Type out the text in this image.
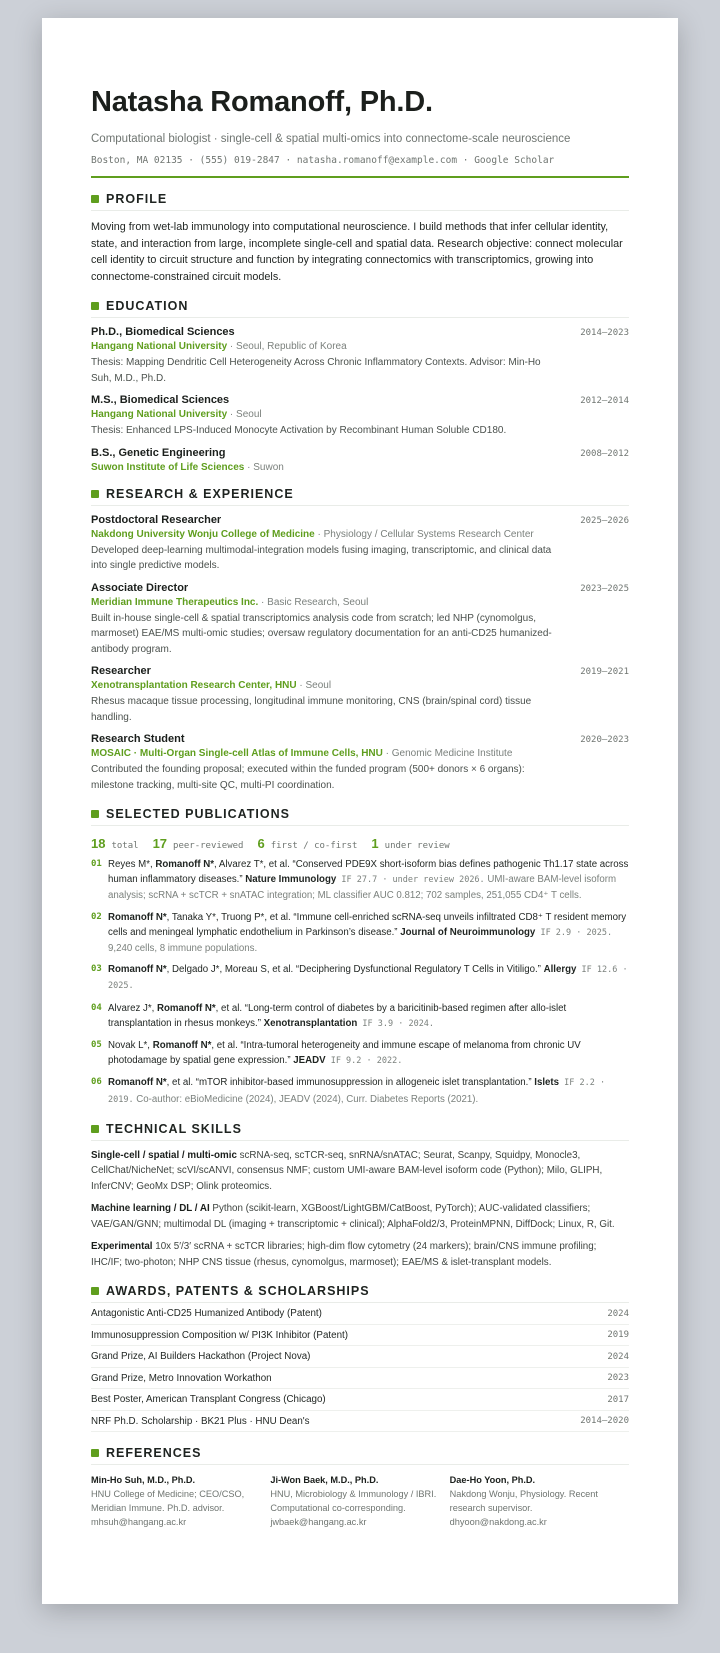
Natasha Romanoff, Ph.D.
Computational biologist · single-cell & spatial multi-omics into connectome-scale neuroscience
Boston, MA 02135 · (555) 019-2847 · natasha.romanoff@example.com · Google Scholar
PROFILE
Moving from wet-lab immunology into computational neuroscience. I build methods that infer cellular identity, state, and interaction from large, incomplete single-cell and spatial data. Research objective: connect molecular cell identity to circuit structure and function by integrating connectomics with transcriptomics, growing into connectome-constrained circuit models.
EDUCATION
Ph.D., Biomedical Sciences	2014–2023
Hangang National University · Seoul, Republic of Korea
Thesis: Mapping Dendritic Cell Heterogeneity Across Chronic Inflammatory Contexts. Advisor: Min-Ho Suh, M.D., Ph.D.
M.S., Biomedical Sciences	2012–2014
Hangang National University · Seoul
Thesis: Enhanced LPS-Induced Monocyte Activation by Recombinant Human Soluble CD180.
B.S., Genetic Engineering	2008–2012
Suwon Institute of Life Sciences · Suwon
RESEARCH & EXPERIENCE
Postdoctoral Researcher	2025–2026
Nakdong University Wonju College of Medicine · Physiology / Cellular Systems Research Center
Developed deep-learning multimodal-integration models fusing imaging, transcriptomic, and clinical data into single predictive models.
Associate Director	2023–2025
Meridian Immune Therapeutics Inc. · Basic Research, Seoul
Built in-house single-cell & spatial transcriptomics analysis code from scratch; led NHP (cynomolgus, marmoset) EAE/MS multi-omic studies; oversaw regulatory documentation for an anti-CD25 humanized-antibody program.
Researcher	2019–2021
Xenotransplantation Research Center, HNU · Seoul
Rhesus macaque tissue processing, longitudinal immune monitoring, CNS (brain/spinal cord) tissue handling.
Research Student	2020–2023
MOSAIC · Multi-Organ Single-cell Atlas of Immune Cells, HNU · Genomic Medicine Institute
Contributed the founding proposal; executed within the funded program (500+ donors × 6 organs): milestone tracking, multi-site QC, multi-PI coordination.
SELECTED PUBLICATIONS
18 total 17 peer-reviewed 6 first / co-first 1 under review
01 Reyes M*, Romanoff N*, Alvarez T*, et al. “Conserved PDE9X short-isoform bias defines pathogenic Th1.17 state across human inflammatory diseases.” Nature Immunology IF 27.7 · under review 2026. UMI-aware BAM-level isoform analysis; scRNA + scTCR + snATAC integration; ML classifier AUC 0.812; 702 samples, 251,055 CD4⁺ T cells.
02 Romanoff N*, Tanaka Y*, Truong P*, et al. “Immune cell-enriched scRNA-seq unveils infiltrated CD8⁺ T resident memory cells and meningeal lymphatic endothelium in Parkinson’s disease.” Journal of Neuroimmunology IF 2.9 · 2025. 9,240 cells, 8 immune populations.
03 Romanoff N*, Delgado J*, Moreau S, et al. “Deciphering Dysfunctional Regulatory T Cells in Vitiligo.” Allergy IF 12.6 · 2025.
04 Alvarez J*, Romanoff N*, et al. “Long-term control of diabetes by a baricitinib-based regimen after allo-islet transplantation in rhesus monkeys.” Xenotransplantation IF 3.9 · 2024.
05 Novak L*, Romanoff N*, et al. “Intra-tumoral heterogeneity and immune escape of melanoma from chronic UV photodamage by spatial gene expression.” JEADV IF 9.2 · 2022.
06 Romanoff N*, et al. “mTOR inhibitor-based immunosuppression in allogeneic islet transplantation.” Islets IF 2.2 · 2019. Co-author: eBioMedicine (2024), JEADV (2024), Curr. Diabetes Reports (2021).
TECHNICAL SKILLS
Single-cell / spatial / multi-omic scRNA-seq, scTCR-seq, snRNA/snATAC; Seurat, Scanpy, Squidpy, Monocle3, CellChat/NicheNet; scVI/scANVI, consensus NMF; custom UMI-aware BAM-level isoform code (Python); Milo, GLIPH, InferCNV; GeoMx DSP; Olink proteomics.
Machine learning / DL / AI Python (scikit-learn, XGBoost/LightGBM/CatBoost, PyTorch); AUC-validated classifiers; VAE/GAN/GNN; multimodal DL (imaging + transcriptomic + clinical); AlphaFold2/3, ProteinMPNN, DiffDock; Linux, R, Git.
Experimental 10x 5′/3′ scRNA + scTCR libraries; high-dim flow cytometry (24 markers); brain/CNS immune profiling; IHC/IF; two-photon; NHP CNS tissue (rhesus, cynomolgus, marmoset); EAE/MS & islet-transplant models.
AWARDS, PATENTS & SCHOLARSHIPS
Antagonistic Anti-CD25 Humanized Antibody (Patent)	2024
Immunosuppression Composition w/ PI3K Inhibitor (Patent)	2019
Grand Prize, AI Builders Hackathon (Project Nova)	2024
Grand Prize, Metro Innovation Workathon	2023
Best Poster, American Transplant Congress (Chicago)	2017
NRF Ph.D. Scholarship · BK21 Plus · HNU Dean's	2014–2020
REFERENCES
Min-Ho Suh, M.D., Ph.D.
HNU College of Medicine; CEO/CSO, Meridian Immune. Ph.D. advisor.
mhsuh@hangang.ac.kr
Ji-Won Baek, M.D., Ph.D.
HNU, Microbiology & Immunology / IBRI. Computational co-corresponding.
jwbaek@hangang.ac.kr
Dae-Ho Yoon, Ph.D.
Nakdong Wonju, Physiology. Recent research supervisor.
dhyoon@nakdong.ac.kr
